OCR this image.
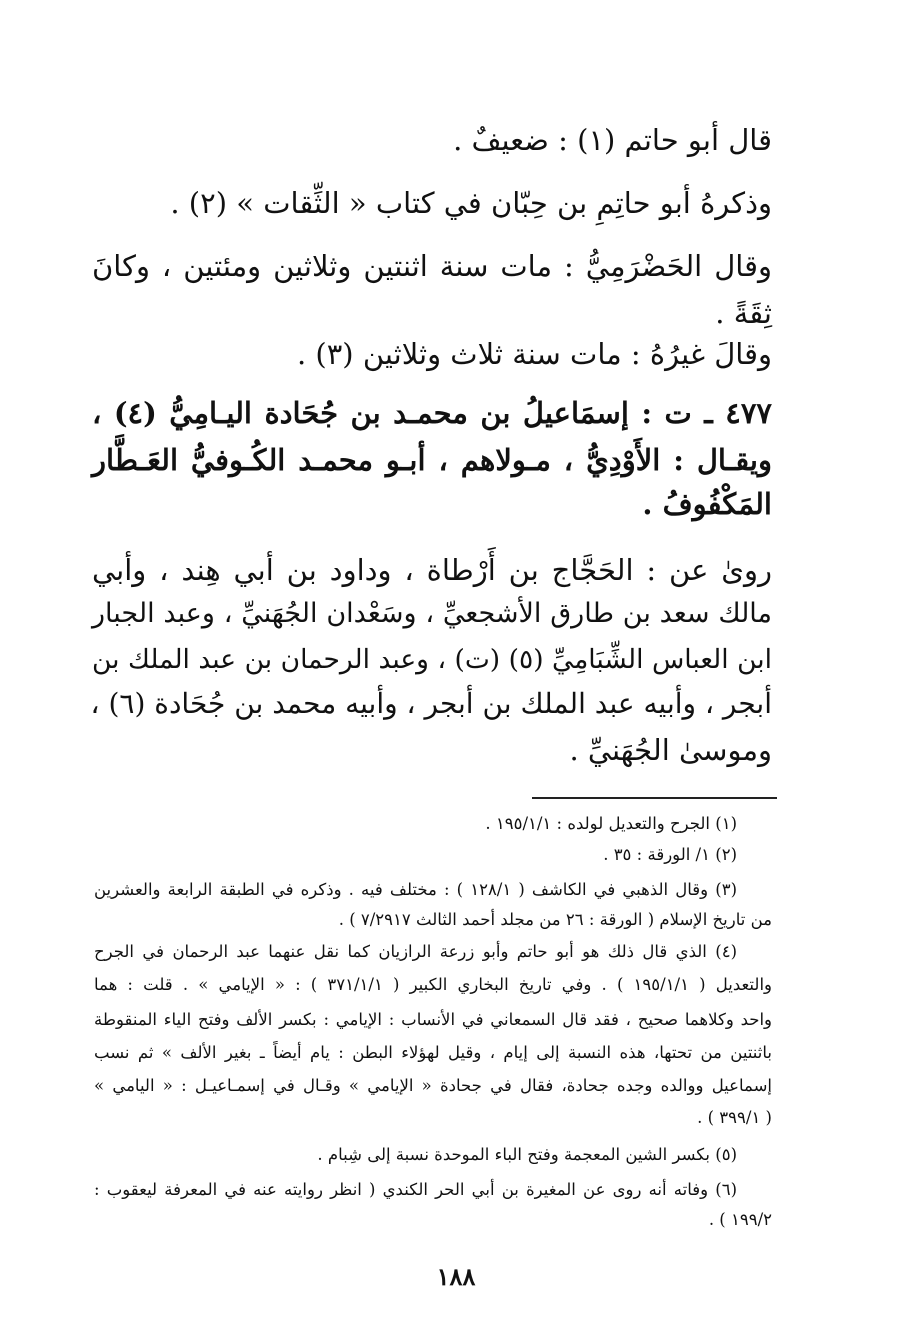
قال أبو حاتم (١) : ضعيفٌ .
وذكرهُ أبو حاتِمِ بن حِبّان في كتاب « الثِّقات » (٢) .
وقال الحَضْرَمِيُّ : مات سنة اثنتين وثلاثين ومئتين ، وكانَ
ثِقَةً .
وقالَ غيرُهُ : مات سنة ثلاث وثلاثين (٣) .
٤٧٧ ـ ت : إسمَاعيلُ بن محمـد بن جُحَادة اليـامِيُّ (٤) ،
ويقـال : الأَوْدِيُّ ، مـولاهم ، أبـو محمـد الكُـوفيُّ العَـطَّار
المَكْفُوفُ .
روىٰ عن : الحَجَّاج بن أَرْطاة ، وداود بن أبي هِند ، وأبي
مالك سعد بن طارق الأشجعيِّ ، وسَعْدان الجُهَنيِّ ، وعبد الجبار
ابن العباس الشِّبَامِيِّ (٥) (ت) ، وعبد الرحمان بن عبد الملك بن
أبجر ، وأبيه عبد الملك بن أبجر ، وأبيه محمد بن جُحَادة (٦) ،
وموسىٰ الجُهَنيِّ .
(١) الجرح والتعديل لولده : ١٩٥/١/١ .
(٢) ١/ الورقة : ٣٥ .
(٣) وقال الذهبي في الكاشف ( ١٢٨/١ ) : مختلف فيه . وذكره في الطبقة الرابعة والعشرين
من تاريخ الإسلام ( الورقة : ٢٦ من مجلد أحمد الثالث ٧/٢٩١٧ ) .
(٤) الذي قال ذلك هو أبو حاتم وأبو زرعة الرازيان كما نقل عنهما عبد الرحمان في الجرح
والتعديل ( ١٩٥/١/١ ) . وفي تاريخ البخاري الكبير ( ٣٧١/١/١ ) : « الإيامي » . قلت : هما
واحد وكلاهما صحيح ، فقد قال السمعاني في الأنساب : الإيامي : بكسر الألف وفتح الياء المنقوطة
باثنتين من تحتها، هذه النسبة إلى إيام ، وقيل لهؤلاء البطن : يام أيضاً ـ بغير الألف » ثم نسب
إسماعيل ووالده وجده جحادة، فقال في جحادة « الإيامي » وقـال في إسمـاعيـل : « اليامي »
( ٣٩٩/١ ) .
(٥) بكسر الشين المعجمة وفتح الباء الموحدة نسبة إلى شِبام .
(٦) وفاته أنه روى عن المغيرة بن أبي الحر الكندي ( انظر روايته عنه في المعرفة ليعقوب :
١٩٩/٢ ) .
١٨٨
